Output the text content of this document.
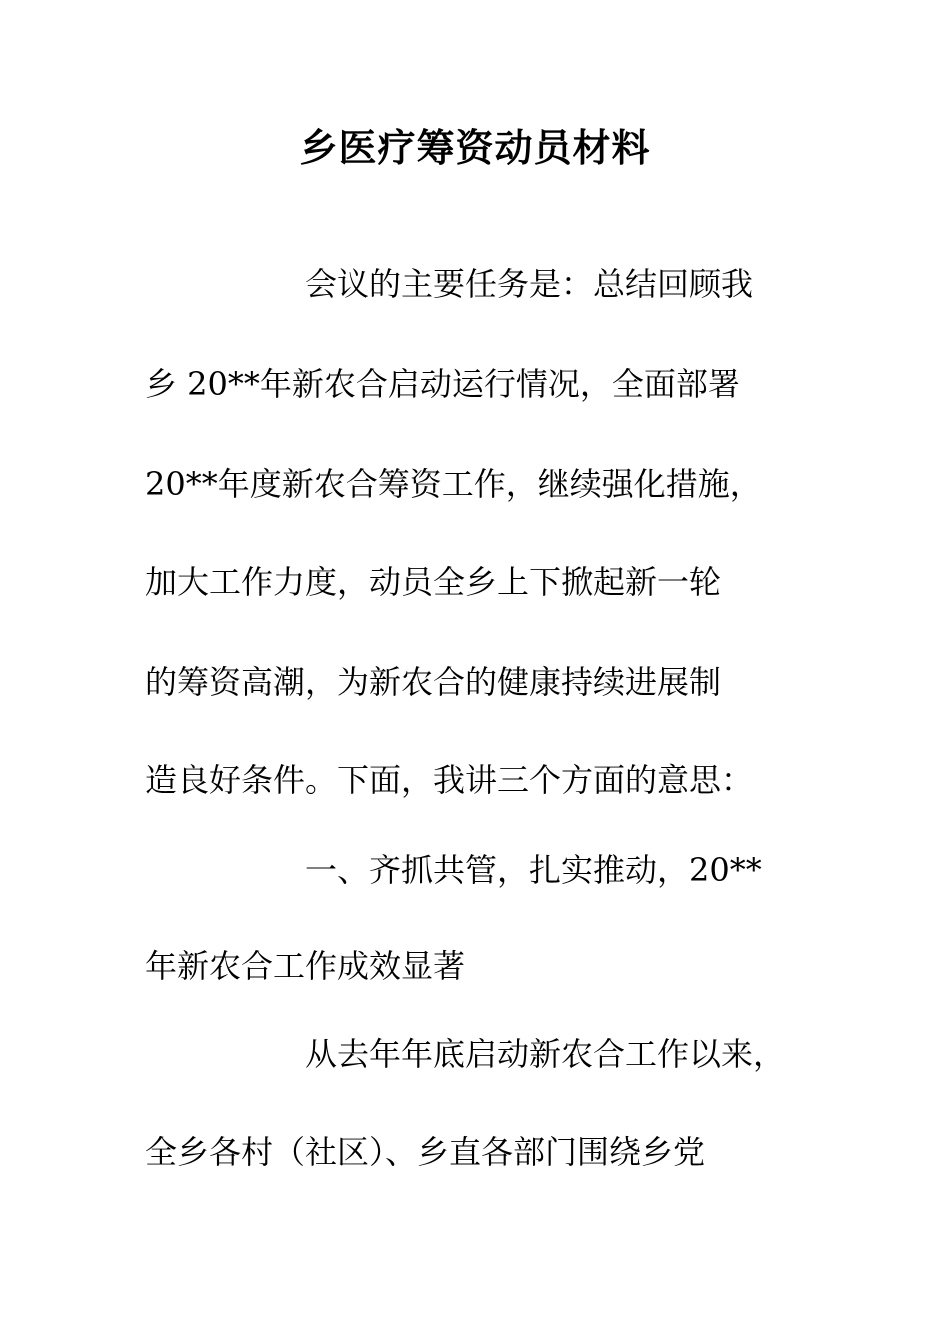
乡医疗筹资动员材料
会议的主要任务是：总结回顾我
乡 20**年新农合启动运行情况，全面部署
20**年度新农合筹资工作，继续强化措施，
加大工作力度，动员全乡上下掀起新一轮
的筹资高潮，为新农合的健康持续进展制
造良好条件。下面，我讲三个方面的意思：
一、齐抓共管，扎实推动，20**
年新农合工作成效显著
从去年年底启动新农合工作以来，
全乡各村（社区）、乡直各部门围绕乡党
